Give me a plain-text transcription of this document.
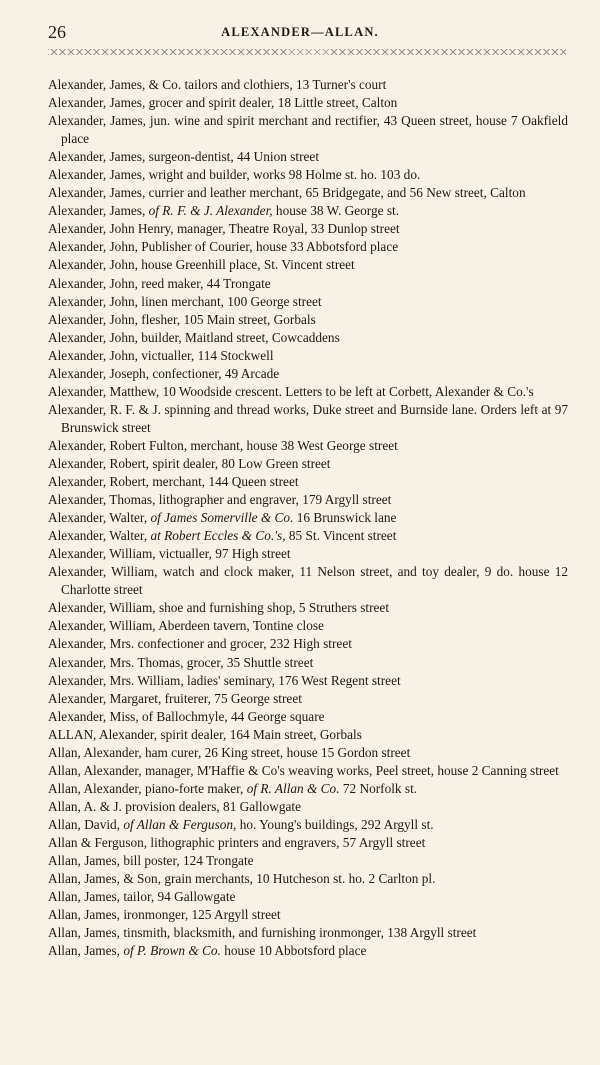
26	ALEXANDER—ALLAN.
Alexander, James, & Co. tailors and clothiers, 13 Turner's court
Alexander, James, grocer and spirit dealer, 18 Little street, Calton
Alexander, James, jun. wine and spirit merchant and rectifier, 43 Queen street, house 7 Oakfield place
Alexander, James, surgeon-dentist, 44 Union street
Alexander, James, wright and builder, works 98 Holme st. ho. 103 do.
Alexander, James, currier and leather merchant, 65 Bridgegate, and 56 New street, Calton
Alexander, James, of R. F. & J. Alexander, house 38 W. George st.
Alexander, John Henry, manager, Theatre Royal, 33 Dunlop street
Alexander, John, Publisher of Courier, house 33 Abbotsford place
Alexander, John, house Greenhill place, St. Vincent street
Alexander, John, reed maker, 44 Trongate
Alexander, John, linen merchant, 100 George street
Alexander, John, flesher, 105 Main street, Gorbals
Alexander, John, builder, Maitland street, Cowcaddens
Alexander, John, victualler, 114 Stockwell
Alexander, Joseph, confectioner, 49 Arcade
Alexander, Matthew, 10 Woodside crescent. Letters to be left at Corbett, Alexander & Co.'s
Alexander, R. F. & J. spinning and thread works, Duke street and Burnside lane. Orders left at 97 Brunswick street
Alexander, Robert Fulton, merchant, house 38 West George street
Alexander, Robert, spirit dealer, 80 Low Green street
Alexander, Robert, merchant, 144 Queen street
Alexander, Thomas, lithographer and engraver, 179 Argyll street
Alexander, Walter, of James Somerville & Co. 16 Brunswick lane
Alexander, Walter, at Robert Eccles & Co.'s, 85 St. Vincent street
Alexander, William, victualler, 97 High street
Alexander, William, watch and clock maker, 11 Nelson street, and toy dealer, 9 do. house 12 Charlotte street
Alexander, William, shoe and furnishing shop, 5 Struthers street
Alexander, William, Aberdeen tavern, Tontine close
Alexander, Mrs. confectioner and grocer, 232 High street
Alexander, Mrs. Thomas, grocer, 35 Shuttle street
Alexander, Mrs. William, ladies' seminary, 176 West Regent street
Alexander, Margaret, fruiterer, 75 George street
Alexander, Miss, of Ballochmyle, 44 George square
ALLAN, Alexander, spirit dealer, 164 Main street, Gorbals
Allan, Alexander, ham curer, 26 King street, house 15 Gordon street
Allan, Alexander, manager, M'Haffie & Co's weaving works, Peel street, house 2 Canning street
Allan, Alexander, piano-forte maker, of R. Allan & Co. 72 Norfolk st.
Allan, A. & J. provision dealers, 81 Gallowgate
Allan, David, of Allan & Ferguson, ho. Young's buildings, 292 Argyll st.
Allan & Ferguson, lithographic printers and engravers, 57 Argyll street
Allan, James, bill poster, 124 Trongate
Allan, James, & Son, grain merchants, 10 Hutcheson st. ho. 2 Carlton pl.
Allan, James, tailor, 94 Gallowgate
Allan, James, ironmonger, 125 Argyll street
Allan, James, tinsmith, blacksmith, and furnishing ironmonger, 138 Argyll street
Allan, James, of P. Brown & Co. house 10 Abbotsford place
